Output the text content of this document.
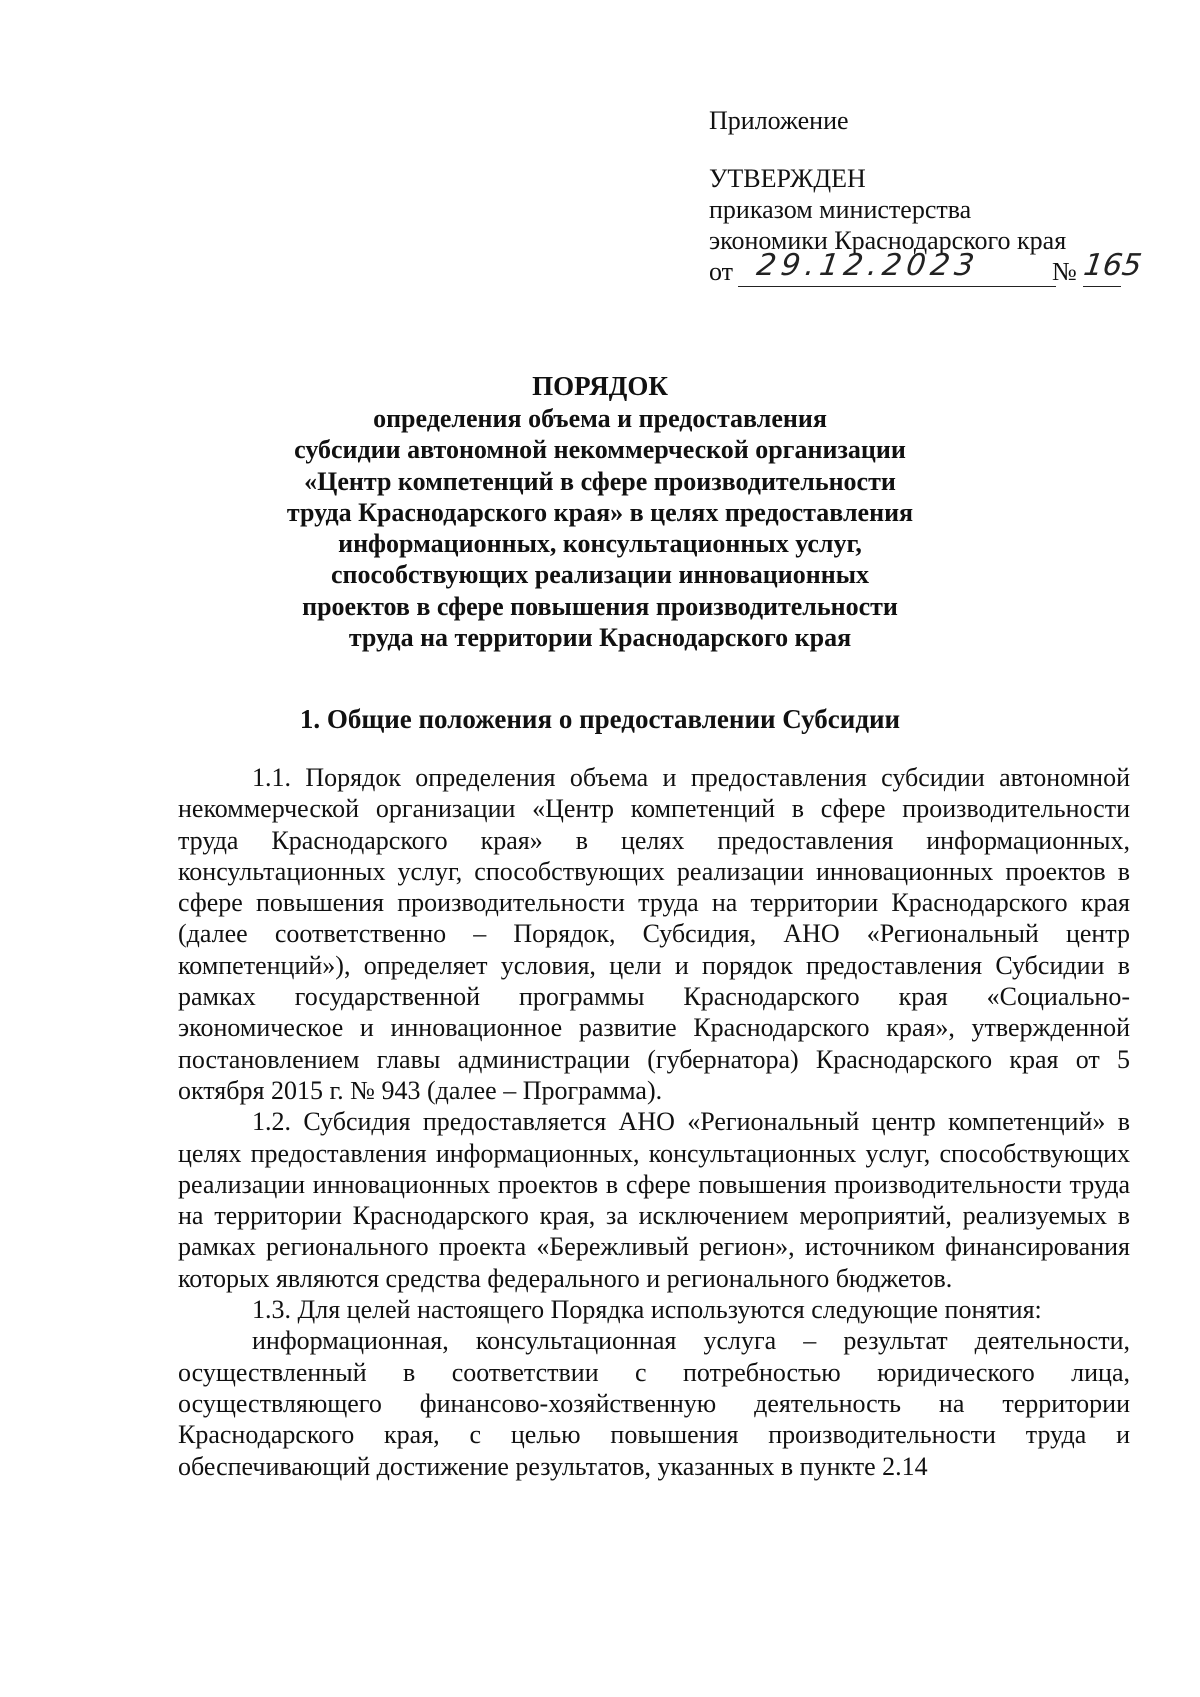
Приложение

УТВЕРЖДЕН

приказом министерства

экономики Краснодарского края

от 29.12.2023	№ 165
ПОРЯДОК
определения объема и предоставления
субсидии автономной некоммерческой организации
«Центр компетенций в сфере производительности
труда Краснодарского края» в целях предоставления
информационных, консультационных услуг,
способствующих реализации инновационных
проектов в сфере повышения производительности
труда на территории Краснодарского края
1. Общие положения о предоставлении Субсидии

1.1. Порядок определения объема и предоставления субсидии автономной некоммерческой организации «Центр компетенций в сфере производительности труда Краснодарского края» в целях предоставления информационных, консультационных услуг, способствующих реализации инновационных проектов в сфере повышения производительности труда на территории Краснодарского края (далее соответственно – Порядок, Субсидия, АНО «Региональный центр компетенций»), определяет условия, цели и порядок предоставления Субсидии в рамках государственной программы Краснодарского края «Социально-экономическое и инновационное развитие Краснодарского края», утвержденной постановлением главы администрации (губернатора) Краснодарского края от 5 октября 2015 г. № 943 (далее – Программа).

1.2. Субсидия предоставляется АНО «Региональный центр компетенций» в целях предоставления информационных, консультационных услуг, способствующих реализации инновационных проектов в сфере повышения производительности труда на территории Краснодарского края, за исключением мероприятий, реализуемых в рамках регионального проекта «Бережливый регион», источником финансирования которых являются средства федерального и регионального бюджетов.

1.3. Для целей настоящего Порядка используются следующие понятия:

информационная, консультационная услуга – результат деятельности, осуществленный в соответствии с потребностью юридического лица, осуществляющего финансово-хозяйственную деятельность на территории Краснодарского края, с целью повышения производительности труда и обеспечивающий достижение результатов, указанных в пункте 2.14
